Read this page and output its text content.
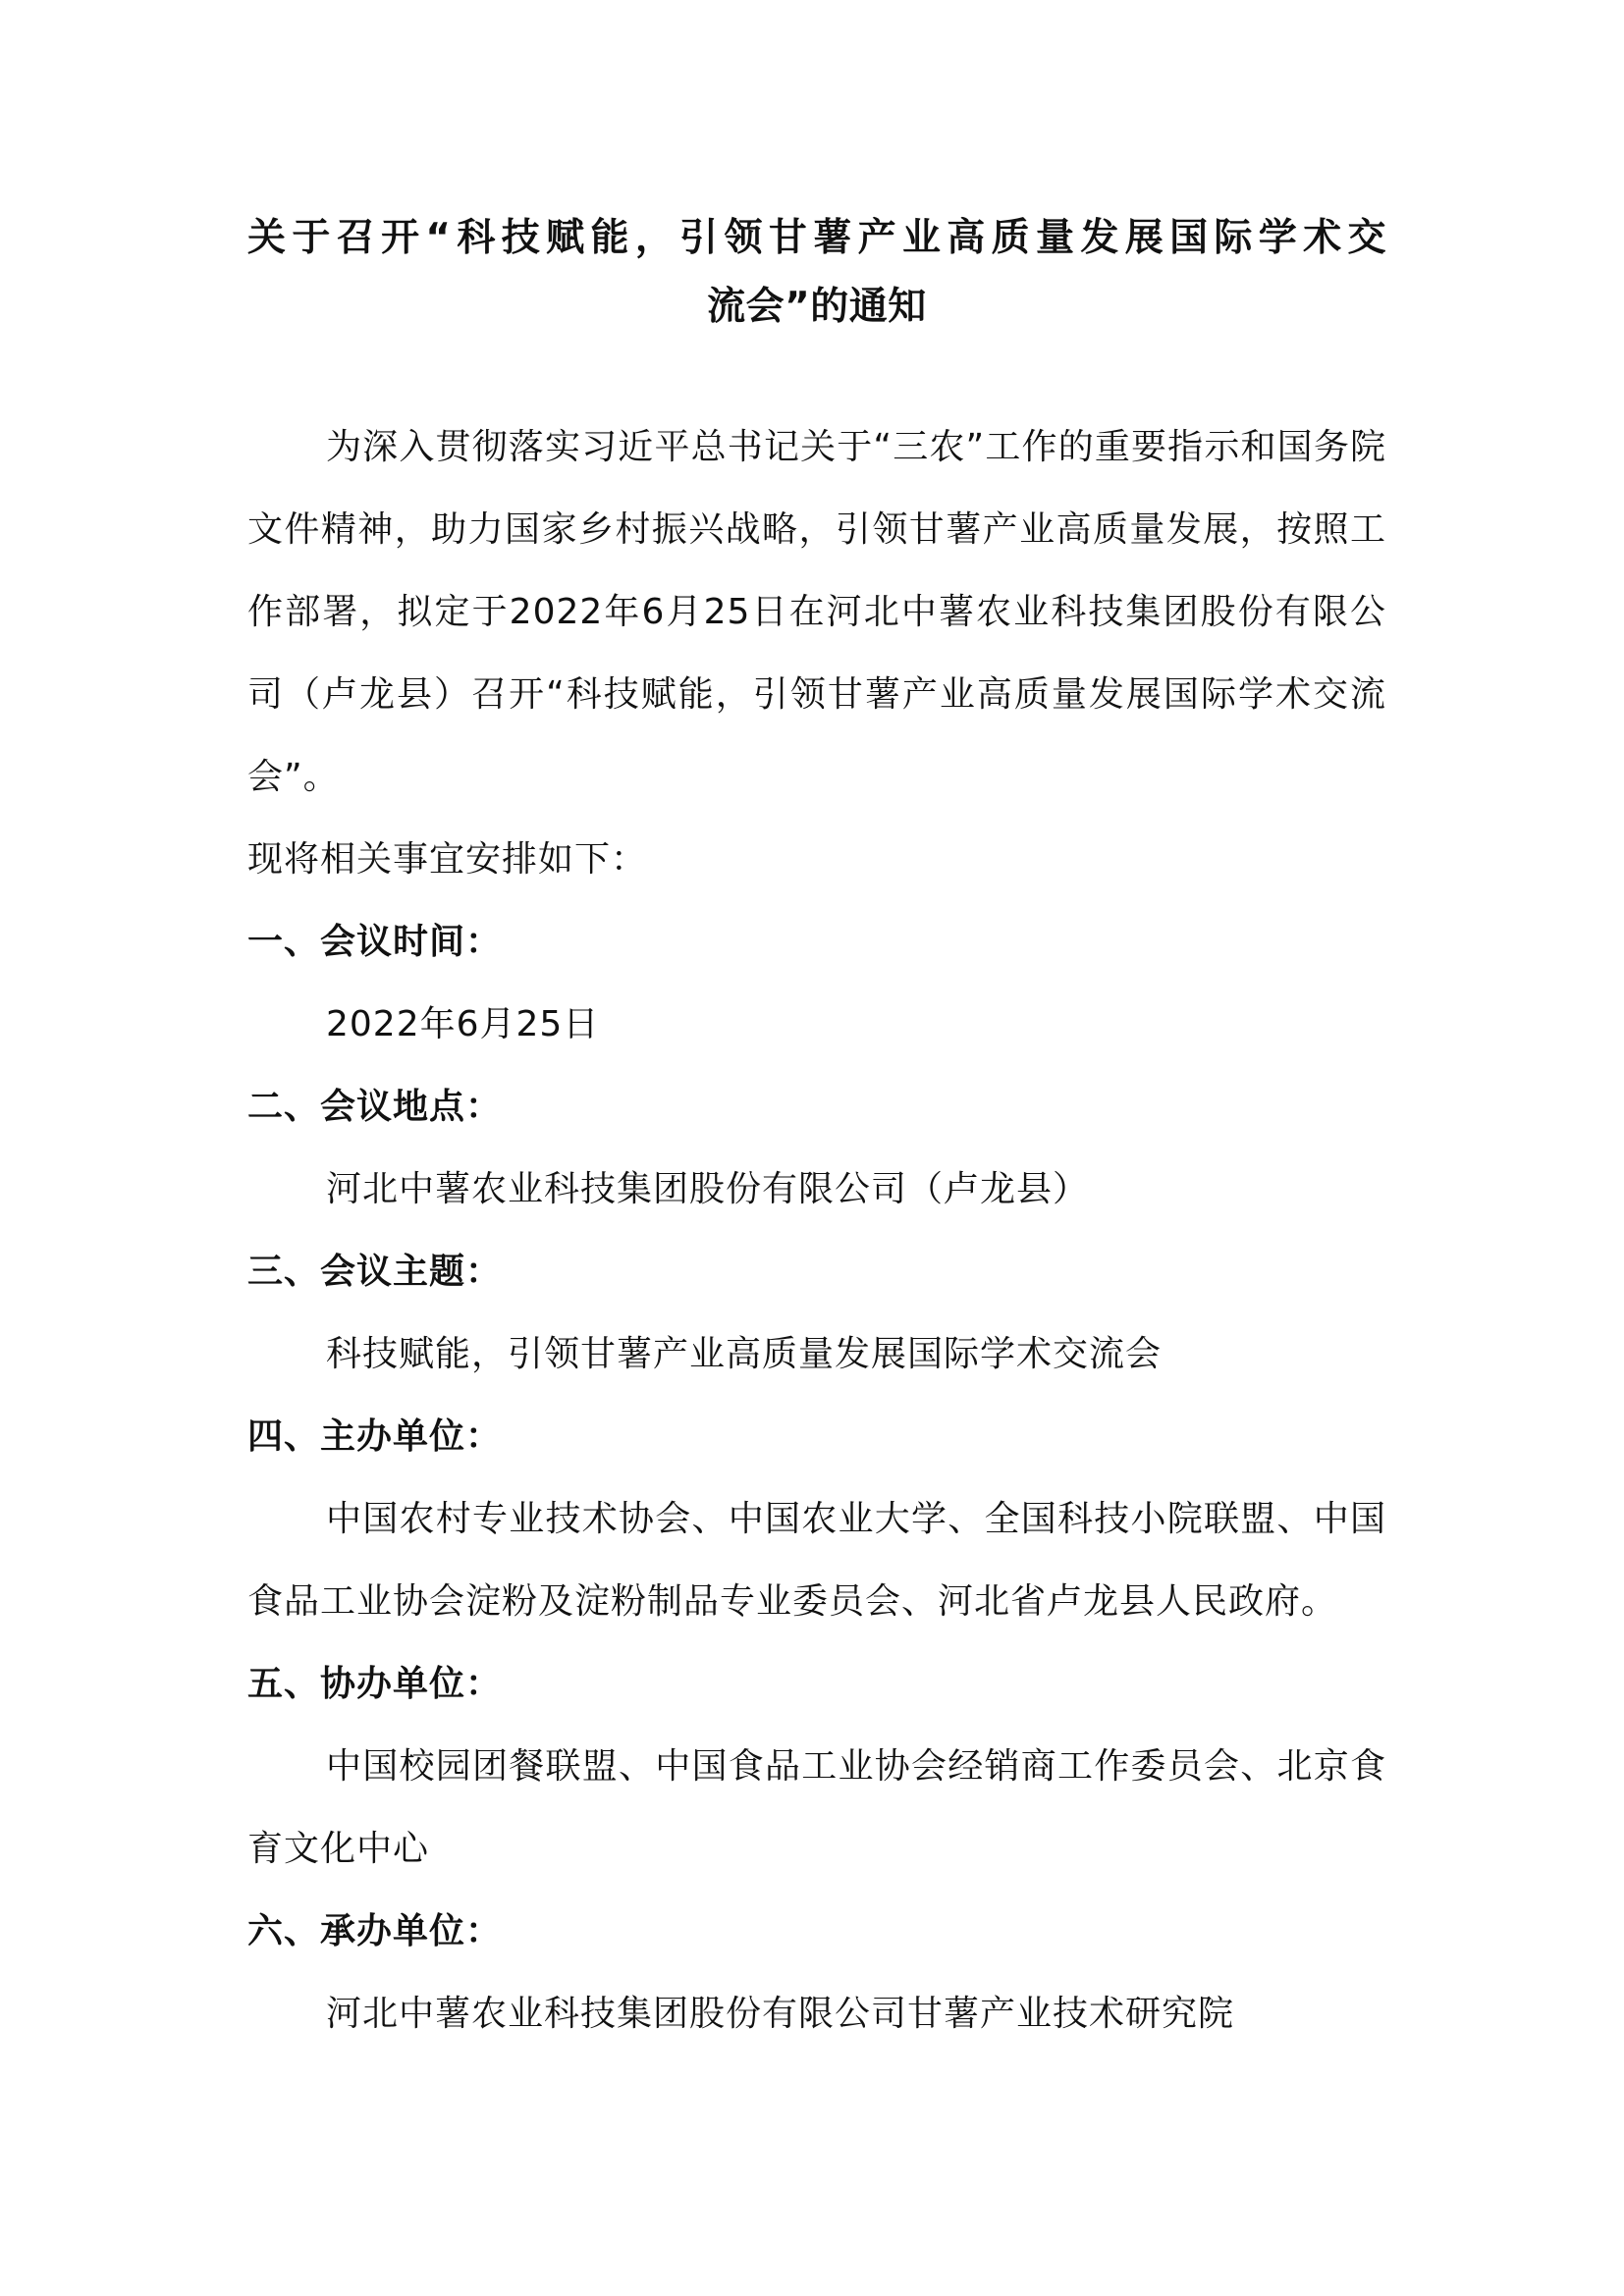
关于召开“科技赋能，引领甘薯产业高质量发展国际学术交
流会”的通知

为深入贯彻落实习近平总书记关于“三农”工作的重要指示和国务院文件精神，助力国家乡村振兴战略，引领甘薯产业高质量发展，按照工作部署，拟定于2022年6月25日在河北中薯农业科技集团股份有限公司（卢龙县）召开“科技赋能，引领甘薯产业高质量发展国际学术交流会”。

现将相关事宜安排如下：

一、会议时间：

2022年6月25日

二、会议地点：

河北中薯农业科技集团股份有限公司（卢龙县）

三、会议主题：

科技赋能，引领甘薯产业高质量发展国际学术交流会

四、主办单位：

中国农村专业技术协会、中国农业大学、全国科技小院联盟、中国食品工业协会淀粉及淀粉制品专业委员会、河北省卢龙县人民政府。

五、协办单位：

中国校园团餐联盟、中国食品工业协会经销商工作委员会、北京食育文化中心

六、承办单位：

河北中薯农业科技集团股份有限公司甘薯产业技术研究院
